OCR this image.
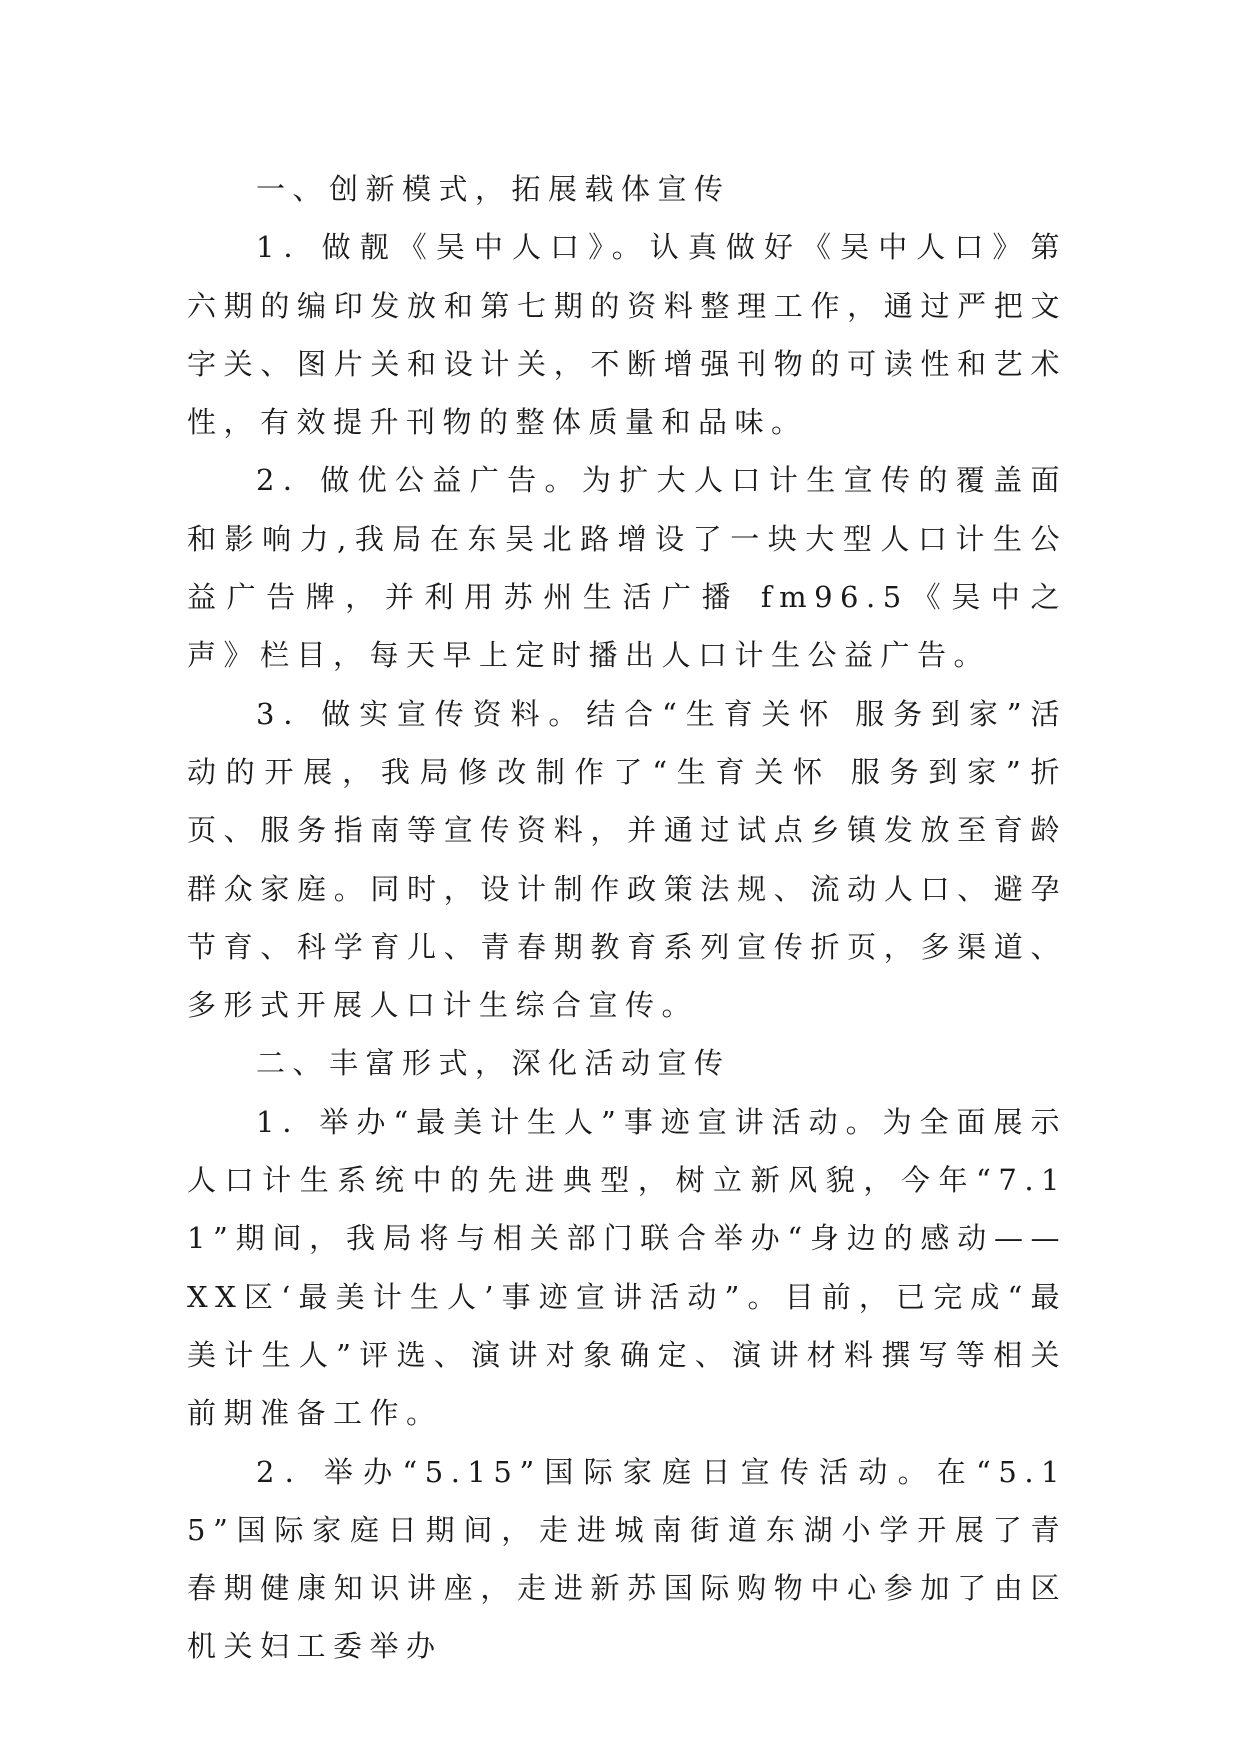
一、创新模式，拓展载体宣传

1．做靓《吴中人口》。认真做好《吴中人口》第六期的编印发放和第七期的资料整理工作，通过严把文字关、图片关和设计关，不断增强刊物的可读性和艺术性，有效提升刊物的整体质量和品味。

2．做优公益广告。为扩大人口计生宣传的覆盖面和影响力,我局在东吴北路增设了一块大型人口计生公益广告牌，并利用苏州生活广播 fm96.5《吴中之声》栏目，每天早上定时播出人口计生公益广告。

3．做实宣传资料。结合“生育关怀 服务到家”活动的开展，我局修改制作了“生育关怀 服务到家”折页、服务指南等宣传资料，并通过试点乡镇发放至育龄群众家庭。同时，设计制作政策法规、流动人口、避孕节育、科学育儿、青春期教育系列宣传折页，多渠道、多形式开展人口计生综合宣传。

二、丰富形式，深化活动宣传

1．举办“最美计生人”事迹宣讲活动。为全面展示人口计生系统中的先进典型，树立新风貌，今年“7.11”期间，我局将与相关部门联合举办“身边的感动——XX区‘最美计生人’事迹宣讲活动”。目前，已完成“最美计生人”评选、演讲对象确定、演讲材料撰写等相关前期准备工作。

2．举办“5.15”国际家庭日宣传活动。在“5.15”国际家庭日期间，走进城南街道东湖小学开展了青春期健康知识讲座，走进新苏国际购物中心参加了由区机关妇工委举办
